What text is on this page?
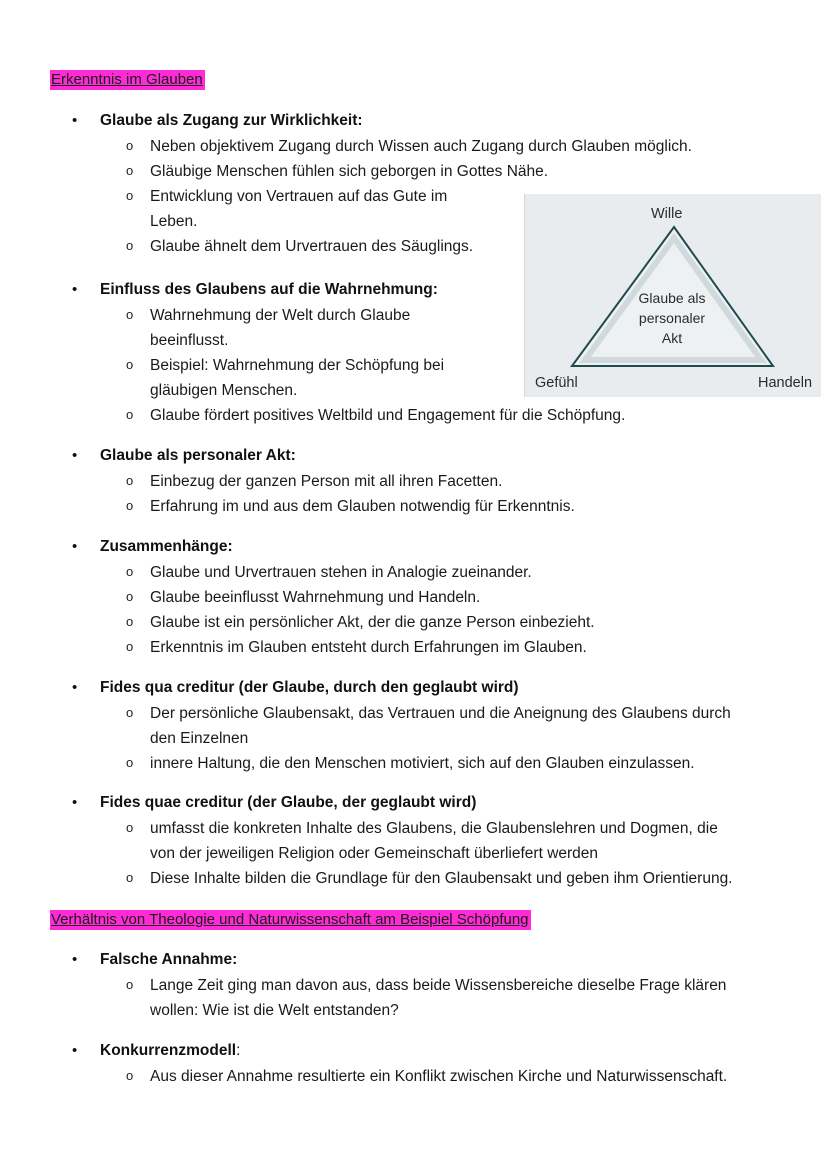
Erkenntnis im Glauben
• Glaube als Zugang zur Wirklichkeit:
o Neben objektivem Zugang durch Wissen auch Zugang durch Glauben möglich.
o Gläubige Menschen fühlen sich geborgen in Gottes Nähe.
o Entwicklung von Vertrauen auf das Gute im
Leben.
o Glaube ähnelt dem Urvertrauen des Säuglings.
• Einfluss des Glaubens auf die Wahrnehmung:
o Wahrnehmung der Welt durch Glaube
beeinflusst.
o Beispiel: Wahrnehmung der Schöpfung bei
gläubigen Menschen.
o Glaube fördert positives Weltbild und Engagement für die Schöpfung.
Wille
Gefühl	Handeln
Glaube als
personaler
Akt
• Glaube als personaler Akt:
o Einbezug der ganzen Person mit all ihren Facetten.
o Erfahrung im und aus dem Glauben notwendig für Erkenntnis.
• Zusammenhänge:
o Glaube und Urvertrauen stehen in Analogie zueinander.
o Glaube beeinflusst Wahrnehmung und Handeln.
o Glaube ist ein persönlicher Akt, der die ganze Person einbezieht.
o Erkenntnis im Glauben entsteht durch Erfahrungen im Glauben.
• Fides qua creditur (der Glaube, durch den geglaubt wird)
o Der persönliche Glaubensakt, das Vertrauen und die Aneignung des Glaubens durch
den Einzelnen
o innere Haltung, die den Menschen motiviert, sich auf den Glauben einzulassen.
• Fides quae creditur (der Glaube, der geglaubt wird)
o umfasst die konkreten Inhalte des Glaubens, die Glaubenslehren und Dogmen, die
von der jeweiligen Religion oder Gemeinschaft überliefert werden
o Diese Inhalte bilden die Grundlage für den Glaubensakt und geben ihm Orientierung.
Verhältnis von Theologie und Naturwissenschaft am Beispiel Schöpfung
• Falsche Annahme:
o Lange Zeit ging man davon aus, dass beide Wissensbereiche dieselbe Frage klären
wollen: Wie ist die Welt entstanden?
• Konkurrenzmodell:
o Aus dieser Annahme resultierte ein Konflikt zwischen Kirche und Naturwissenschaft.
